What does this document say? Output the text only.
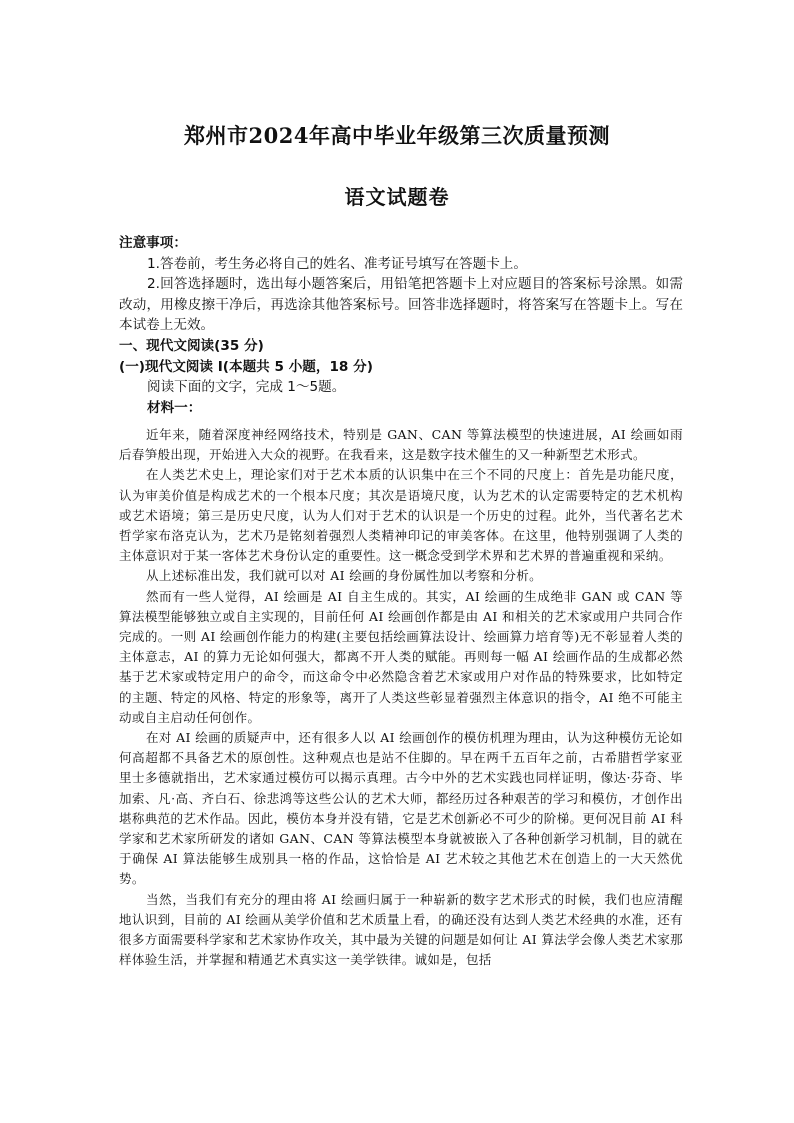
郑州市2024年高中毕业年级第三次质量预测
语文试题卷

注意事项：

1.答卷前，考生务必将自己的姓名、准考证号填写在答题卡上。

2.回答选择题时，选出每小题答案后，用铅笔把答题卡上对应题目的答案标号涂黑。如需改动，用橡皮擦干净后，再选涂其他答案标号。回答非选择题时，将答案写在答题卡上。写在本试卷上无效。

一、现代文阅读(35 分)

(一)现代文阅读 I(本题共 5 小题，18 分)

阅读下面的文字，完成 1～5题。

材料一：

近年来，随着深度神经网络技术，特别是 GAN、CAN 等算法模型的快速进展，AI 绘画如雨后春笋般出现，开始进入大众的视野。在我看来，这是数字技术催生的又一种新型艺术形式。

在人类艺术史上，理论家们对于艺术本质的认识集中在三个不同的尺度上：首先是功能尺度，认为审美价值是构成艺术的一个根本尺度；其次是语境尺度，认为艺术的认定需要特定的艺术机构或艺术语境；第三是历史尺度，认为人们对于艺术的认识是一个历史的过程。此外，当代著名艺术哲学家布洛克认为，艺术乃是铭刻着强烈人类精神印记的审美客体。在这里，他特别强调了人类的主体意识对于某一客体艺术身份认定的重要性。这一概念受到学术界和艺术界的普遍重视和采纳。

从上述标准出发，我们就可以对 AI 绘画的身份属性加以考察和分析。

然而有一些人觉得，AI 绘画是 AI 自主生成的。其实，AI 绘画的生成绝非 GAN 或 CAN 等算法模型能够独立或自主实现的，目前任何 AI 绘画创作都是由 AI 和相关的艺术家或用户共同合作完成的。一则 AI 绘画创作能力的构建(主要包括绘画算法设计、绘画算力培育等)无不彰显着人类的主体意志，AI 的算力无论如何强大，都离不开人类的赋能。再则每一幅 AI 绘画作品的生成都必然基于艺术家或特定用户的命令，而这命令中必然隐含着艺术家或用户对作品的特殊要求，比如特定的主题、特定的风格、特定的形象等，离开了人类这些彰显着强烈主体意识的指令，AI 绝不可能主动或自主启动任何创作。

在对 AI 绘画的质疑声中，还有很多人以 AI 绘画创作的模仿机理为理由，认为这种模仿无论如何高超都不具备艺术的原创性。这种观点也是站不住脚的。早在两千五百年之前，古希腊哲学家亚里士多德就指出，艺术家通过模仿可以揭示真理。古今中外的艺术实践也同样证明，像达·芬奇、毕加索、凡·高、齐白石、徐悲鸿等这些公认的艺术大师，都经历过各种艰苦的学习和模仿，才创作出堪称典范的艺术作品。因此，模仿本身并没有错，它是艺术创新必不可少的阶梯。更何况目前 AI 科学家和艺术家所研发的诸如 GAN、CAN 等算法模型本身就被嵌入了各种创新学习机制，目的就在于确保 AI 算法能够生成别具一格的作品，这恰恰是 AI 艺术较之其他艺术在创造上的一大天然优势。

当然，当我们有充分的理由将 AI 绘画归属于一种崭新的数字艺术形式的时候，我们也应清醒地认识到，目前的 AI 绘画从美学价值和艺术质量上看，的确还没有达到人类艺术经典的水准，还有很多方面需要科学家和艺术家协作攻关，其中最为关键的问题是如何让 AI 算法学会像人类艺术家那样体验生活，并掌握和精通艺术真实这一美学铁律。诚如是，包括
